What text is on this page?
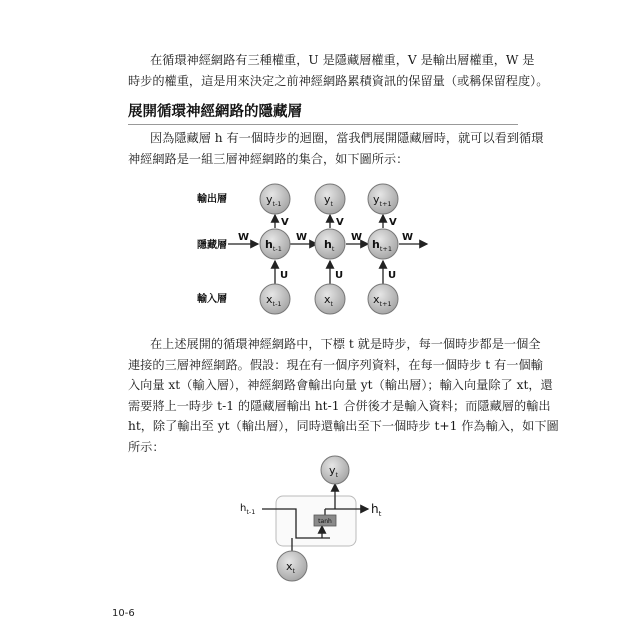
在循環神經網路有三種權重，U 是隱藏層權重，V 是輸出層權重，W 是
時步的權重，這是用來決定之前神經網路累積資訊的保留量（或稱保留程度）。

展開循環神經網路的隱藏層

因為隱藏層 h 有一個時步的迴圈，當我們展開隱藏層時，就可以看到循環
神經網路是一組三層神經網路的集合，如下圖所示：

輸出層
隱藏層
輸入層
W	W	W	W
V
U
$y_{t-1}$
$h_{t-1}$
$x_{t-1}$
V
U
$y_t$
$h_t$
$x_t$
V
U
$y_{t+1}$
$h_{t+1}$
$x_{t+1}$

在上述展開的循環神經網路中，下標 t 就是時步，每一個時步都是一個全
連接的三層神經網路。假設：現在有一個序列資料，在每一個時步 t 有一個輸
入向量 xt（輸入層），神經網路會輸出向量 yt（輸出層）；輸入向量除了 xt，還
需要將上一時步 t-1 的隱藏層輸出 ht-1 合併後才是輸入資料；而隱藏層的輸出
ht，除了輸出至 yt（輸出層），同時還輸出至下一個時步 t+1 作為輸入，如下圖
所示：

tanh
$y_t$
$x_t$
$h_{t-1}$	$h_t$
10-6
